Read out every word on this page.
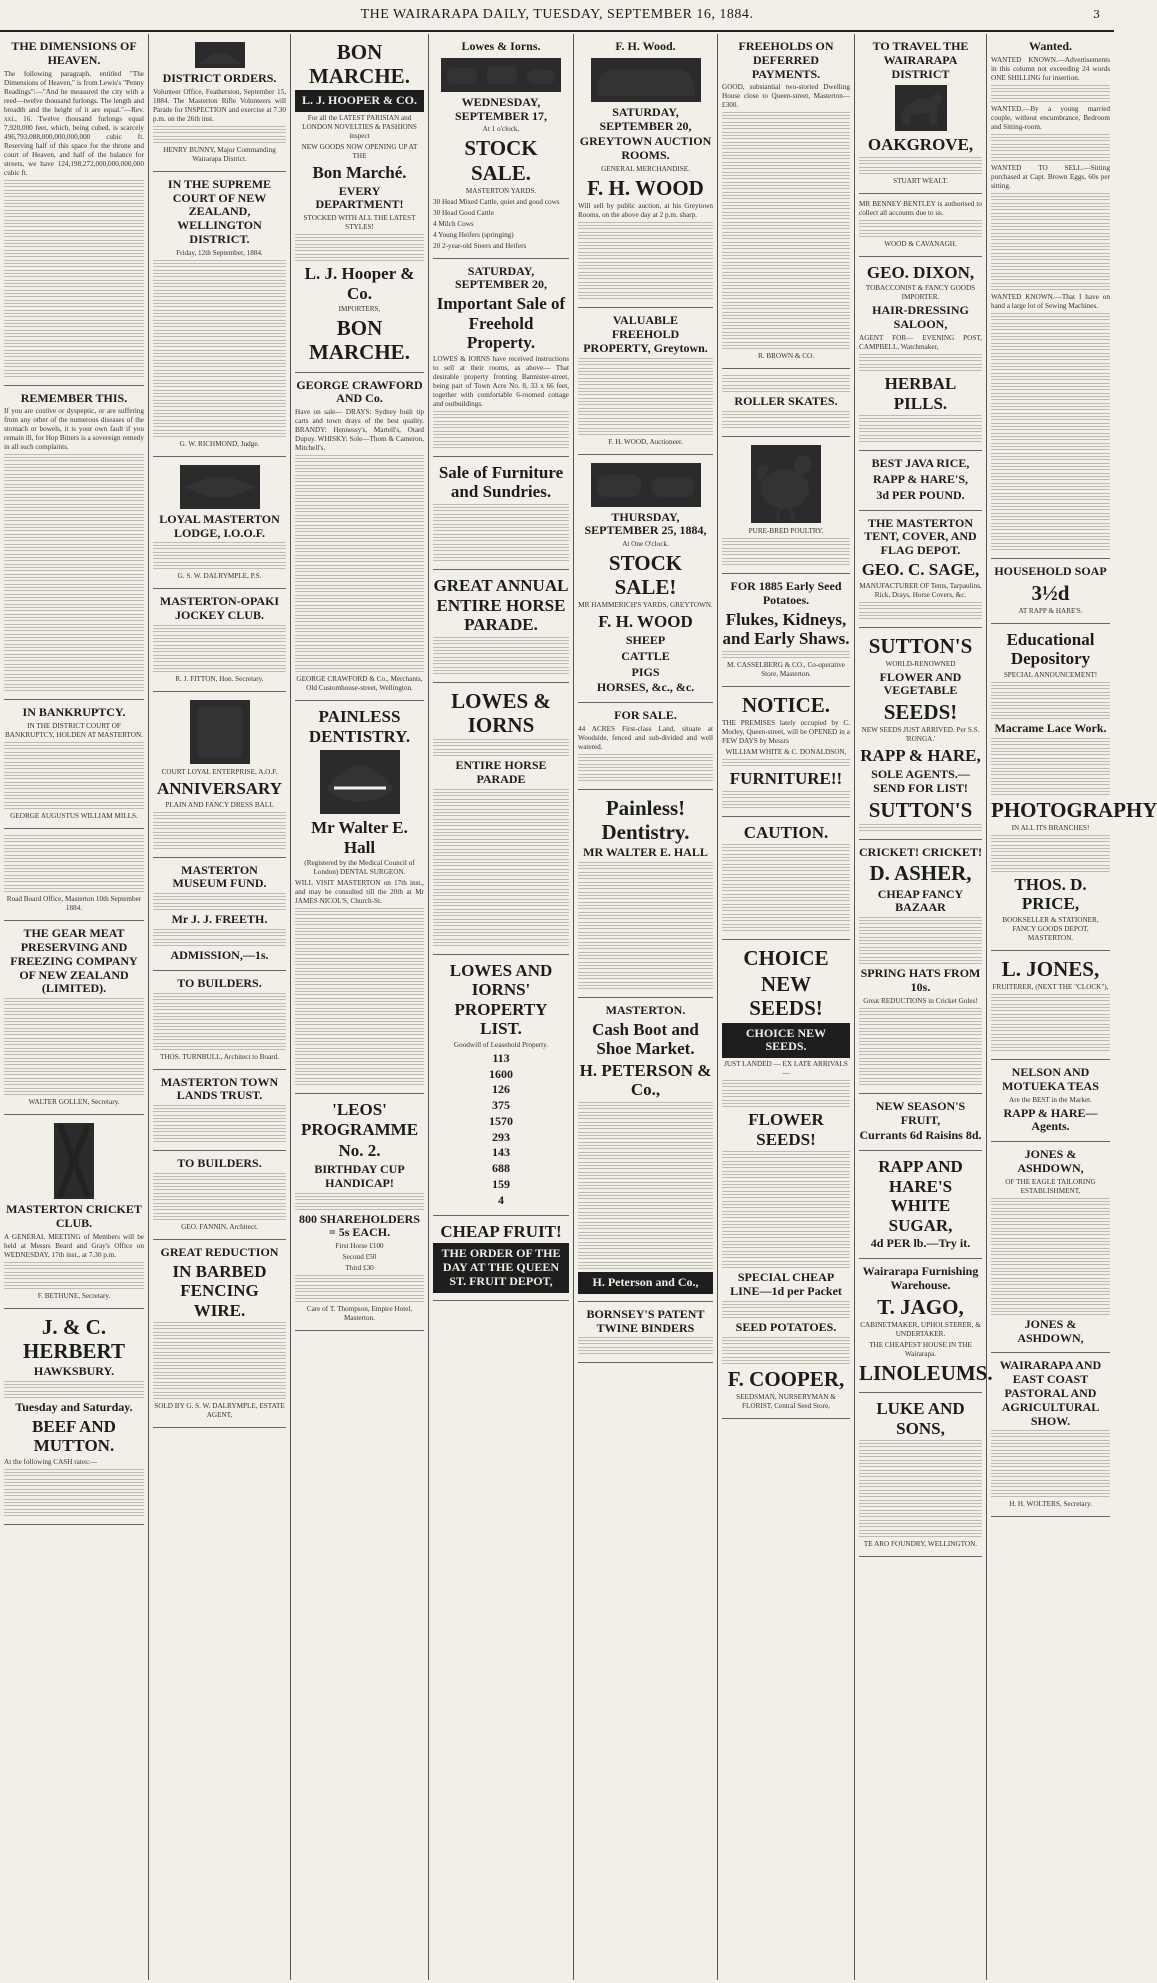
THE WAIRARAPA DAILY, TUESDAY, SEPTEMBER 16, 1884.	3
THE DIMENSIONS OF HEAVEN.
The following paragraph, entitled "The Dimensions of Heaven," is from Lewis's "Penny Readings":—"And he measured the city with a reed—twelve thousand furlongs. The length and breadth and the height of it are equal."—Rev. xxi., 16. Twelve thousand furlongs equal 7,920,000 feet, which, being cubed, is scarcely 496,793,088,000,000,000,000 cubic ft. Reserving half of this space for the throne and court of Heaven, and half of the balance for streets, we have 124,198,272,000,000,000,000 cubic ft.
REMEMBER THIS.
If you are costive or dyspeptic, or are suffering from any other of the numerous diseases of the stomach or bowels, it is your own fault if you remain ill, for Hop Bitters is a sovereign remedy in all such complaints.
IN BANKRUPTCY.
IN THE DISTRICT COURT OF BANKRUPTCY, HOLDEN AT MASTERTON.
GEORGE AUGUSTUS WILLIAM MILLS.
Road Board Office, Masterton 10th September 1884.
THE GEAR MEAT PRESERVING AND FREEZING COMPANY OF NEW ZEALAND (LIMITED).
WALTER GOLLEN, Secretary.
MASTERTON CRICKET CLUB.
A GENERAL MEETING of Members will be held at Messrs Beard and Gray's Office on WEDNESDAY, 17th inst., at 7.30 p.m.
F. BETHUNE, Secretary.
J. & C. HERBERT
HAWKSBURY.
Tuesday and Saturday.
BEEF AND MUTTON.
At the following CASH rates:—
DISTRICT ORDERS.
Volunteer Office, Featherston, September 15, 1884. The Masterton Rifle Volunteers will Parade for INSPECTION and exercise at 7.30 p.m. on the 26th inst.
HENRY BUNNY, Major Commanding Wairarapa District.
IN THE SUPREME COURT OF NEW ZEALAND, WELLINGTON DISTRICT.
Friday, 12th September, 1884.
G. W. RICHMOND, Judge.
LOYAL MASTERTON LODGE, I.O.O.F.
G. S. W. DALRYMPLE, P.S.
MASTERTON-OPAKI JOCKEY CLUB.
R. J. FITTON, Hon. Secretary.
COURT LOYAL ENTERPRISE, A.O.F.
ANNIVERSARY
PLAIN AND FANCY DRESS BALL
MASTERTON MUSEUM FUND.
Mr J. J. FREETH.
ADMISSION,—1s.
TO BUILDERS.
THOS. TURNBULL, Architect to Board.
MASTERTON TOWN LANDS TRUST.
TO BUILDERS.
GEO. FANNIN, Architect.
GREAT REDUCTION
IN BARBED FENCING WIRE.
SOLD BY G. S. W. DALRYMPLE, ESTATE AGENT,
BON MARCHE.
L. J. HOOPER & CO.
For all the LATEST PARISIAN and LONDON NOVELTIES & FASHIONS inspect
NEW GOODS NOW OPENING UP AT THE
Bon Marché.
EVERY DEPARTMENT!
STOCKED WITH ALL THE LATEST STYLES!
L. J. Hooper & Co.
IMPORTERS,
BON MARCHE.
GEORGE CRAWFORD AND Co.
Have on sale— DRAYS: Sydney built tip carts and town drays of the best quality. BRANDY: Hennessy's, Martell's, Otard Dupuy. WHISKY: Sole—Thom & Cameron, Mitchell's.
GEORGE CRAWFORD & Co., Merchants, Old Customhouse-street, Wellington.
PAINLESS DENTISTRY.
Mr Walter E. Hall
(Registered by the Medical Council of London) DENTAL SURGEON.
WILL VISIT MASTERTON on 17th inst., and may be consulted till the 20th at Mr JAMES NICOL'S, Church-St.
'LEOS' PROGRAMME
No. 2.
BIRTHDAY CUP HANDICAP!
800 SHAREHOLDERS = 5s EACH.
First Horse £100
Second £50
Third £30
Care of T. Thompson, Empire Hotel, Masterton.
Lowes & Iorns.
WEDNESDAY, SEPTEMBER 17,
At 1 o'clock,
STOCK SALE.
MASTERTON YARDS.
30 Head Mixed Cattle, quiet and good cows
30 Head Good Cattle
4 Milch Cows
4 Young Heifers (springing)
20 2-year-old Steers and Heifers
SATURDAY, SEPTEMBER 20,
Important Sale of Freehold Property.
LOWES & IORNS have received instructions to sell at their rooms, as above— That desirable property fronting Bannister-street, being part of Town Acre No. 8, 33 x 66 feet, together with comfortable 6-roomed cottage and outbuildings.
Sale of Furniture and Sundries.
GREAT ANNUAL ENTIRE HORSE PARADE.
LOWES & IORNS
ENTIRE HORSE PARADE
LOWES AND IORNS' PROPERTY LIST.
Goodwill of Leasehold Property.
113
1600
126
375
1570
293
143
688
159
4
CHEAP FRUIT!
THE ORDER OF THE DAY AT THE QUEEN ST. FRUIT DEPOT,
F. H. Wood.
SATURDAY, SEPTEMBER 20,
GREYTOWN AUCTION ROOMS.
GENERAL MERCHANDISE.
F. H. WOOD
Will sell by public auction, at his Greytown Rooms, on the above day at 2 p.m. sharp.
VALUABLE FREEHOLD PROPERTY, Greytown.
F. H. WOOD, Auctioneer.
THURSDAY, SEPTEMBER 25, 1884,
At One O'clock.
STOCK SALE!
MR HAMMERICH'S YARDS, GREYTOWN.
F. H. WOOD
SHEEP
CATTLE
PIGS
HORSES, &c., &c.
FOR SALE.
44 ACRES First-class Land, situate at Woodside, fenced and sub-divided and well watered.
Painless! Dentistry.
MR WALTER E. HALL
MASTERTON.
Cash Boot and Shoe Market.
H. PETERSON & Co.,
H. Peterson and Co.,
BORNSEY'S PATENT TWINE BINDERS
FREEHOLDS ON DEFERRED PAYMENTS.
GOOD, substantial two-storied Dwelling House close to Queen-street, Masterton—£300.
R. BROWN & CO.
ROLLER SKATES.
PURE-BRED POULTRY.
FOR 1885 Early Seed Potatoes.
Flukes, Kidneys, and Early Shaws.
M. CASSELBERG & CO., Co-operative Store, Masterton.
NOTICE.
THE PREMISES lately occupied by C. Morley, Queen-street, will be OPENED in a FEW DAYS by Messrs
WILLIAM WHITE & C. DONALDSON,
FURNITURE!!
CAUTION.
CHOICE
NEW SEEDS!
CHOICE NEW SEEDS.
JUST LANDED — EX LATE ARRIVALS—
FLOWER SEEDS!
SPECIAL CHEAP LINE—1d per Packet
SEED POTATOES.
F. COOPER,
SEEDSMAN, NURSERYMAN & FLORIST, Central Seed Store,
TO TRAVEL THE WAIRARAPA DISTRICT
OAKGROVE,
STUART WEALT.
MR BENNEY BENTLEY is authorised to collect all accounts due to us.
WOOD & CAVANAGH.
GEO. DIXON,
TOBACCONIST & FANCY GOODS IMPORTER.
HAIR-DRESSING SALOON,
AGENT FOR— EVENING POST, CAMPBELL, Watchmaker,
HERBAL PILLS.
BEST JAVA RICE,
RAPP & HARE'S,
3d PER POUND.
THE MASTERTON TENT, COVER, AND FLAG DEPOT.
GEO. C. SAGE,
MANUFACTURER OF Tents, Tarpaulins, Rick, Drays, Horse Covers, &c.
SUTTON'S
WORLD-RENOWNED
FLOWER AND VEGETABLE
SEEDS!
NEW SEEDS JUST ARRIVED. Per S.S. 'RONGA.'
RAPP & HARE,
SOLE AGENTS.—SEND FOR LIST!
SUTTON'S
CRICKET! CRICKET!
D. ASHER,
CHEAP FANCY BAZAAR
SPRING HATS FROM 10s.
Great REDUCTIONS in Cricket Goles!
NEW SEASON'S FRUIT,
Currants 6d Raisins 8d.
RAPP AND HARE'S WHITE SUGAR,
4d PER lb.—Try it.
Wairarapa Furnishing Warehouse.
T. JAGO,
CABINETMAKER, UPHOLSTERER, & UNDERTAKER.
THE CHEAPEST HOUSE IN THE Wairarapa.
LINOLEUMS.
LUKE AND SONS,
TE ARO FOUNDRY, WELLINGTON.
Wanted.
WANTED KNOWN.—Advertisements in this column not exceeding 24 words ONE SHILLING for insertion.
WANTED.—By a young married couple, without encumbrance, Bedroom and Sitting-room.
WANTED TO SELL.—Sitting purchased at Capt. Brown Eggs, 60s per sitting.
WANTED KNOWN.—That I have on hand a large lot of Sewing Machines.
HOUSEHOLD SOAP
3½d
AT RAPP & HARE'S.
Educational Depository
SPECIAL ANNOUNCEMENT!
Macrame Lace Work.
PHOTOGRAPHY
IN ALL ITS BRANCHES!
THOS. D. PRICE,
BOOKSELLER & STATIONER, FANCY GOODS DEPOT, MASTERTON.
L. JONES,
FRUITERER, (NEXT THE "CLOCK"),
NELSON AND MOTUEKA TEAS
Are the BEST in the Market.
RAPP & HARE—Agents.
JONES & ASHDOWN,
OF THE EAGLE TAILORING ESTABLISHMENT,
JONES & ASHDOWN,
WAIRARAPA AND EAST COAST PASTORAL AND AGRICULTURAL SHOW.
H. H. WOLTERS, Secretary.
